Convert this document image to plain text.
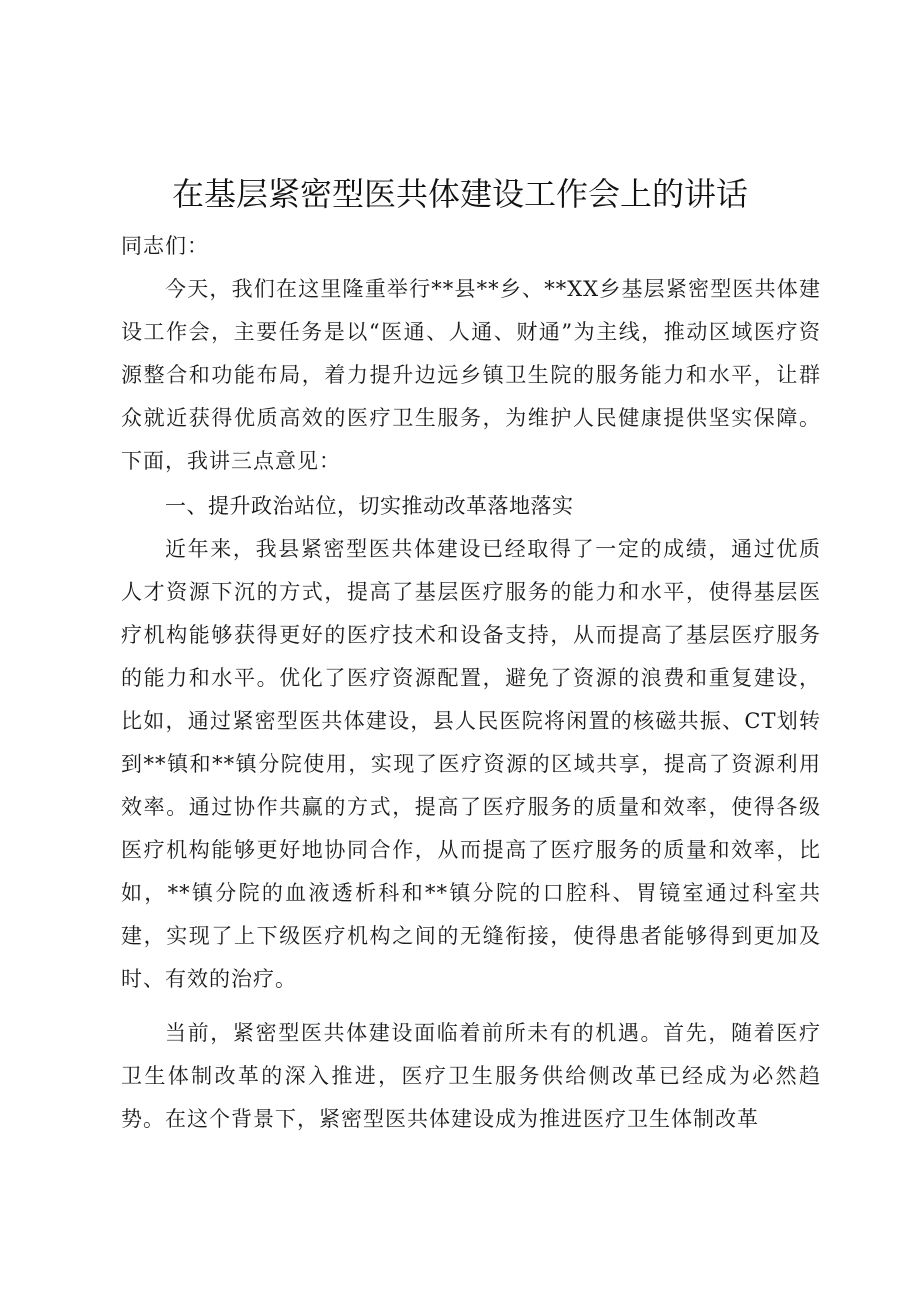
在基层紧密型医共体建设工作会上的讲话
同志们：
今天，我们在这里隆重举行**县**乡、**XX乡基层紧密型医共体建设工作会，主要任务是以“医通、人通、财通”为主线，推动区域医疗资源整合和功能布局，着力提升边远乡镇卫生院的服务能力和水平，让群众就近获得优质高效的医疗卫生服务，为维护人民健康提供坚实保障。下面，我讲三点意见：
一、提升政治站位，切实推动改革落地落实
近年来，我县紧密型医共体建设已经取得了一定的成绩，通过优质人才资源下沉的方式，提高了基层医疗服务的能力和水平，使得基层医疗机构能够获得更好的医疗技术和设备支持，从而提高了基层医疗服务的能力和水平。优化了医疗资源配置，避免了资源的浪费和重复建设，比如，通过紧密型医共体建设，县人民医院将闲置的核磁共振、CT划转到**镇和**镇分院使用，实现了医疗资源的区域共享，提高了资源利用效率。通过协作共赢的方式，提高了医疗服务的质量和效率，使得各级医疗机构能够更好地协同合作，从而提高了医疗服务的质量和效率，比如，**镇分院的血液透析科和**镇分院的口腔科、胃镜室通过科室共建，实现了上下级医疗机构之间的无缝衔接，使得患者能够得到更加及时、有效的治疗。
当前，紧密型医共体建设面临着前所未有的机遇。首先，随着医疗卫生体制改革的深入推进，医疗卫生服务供给侧改革已经成为必然趋势。在这个背景下，紧密型医共体建设成为推进医疗卫生体制改革
